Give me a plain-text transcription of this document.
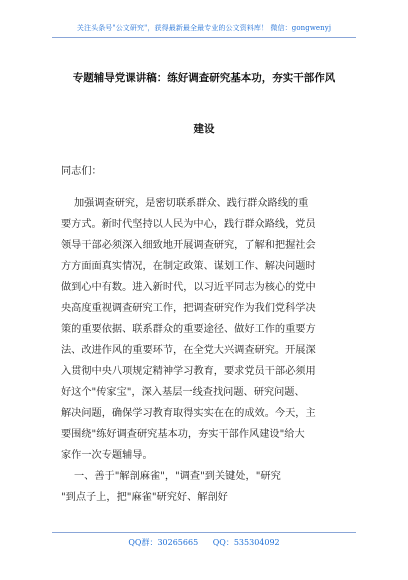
关注头条号"公文研究"，获得最新最全最专业的公文资料库！ 微信：gongwenyj
专题辅导党课讲稿：练好调查研究基本功，夯实干部作风
建设
同志们：
加强调查研究，是密切联系群众、践行群众路线的重
要方式。新时代坚持以人民为中心，践行群众路线，党员
领导干部必须深入细致地开展调查研究，了解和把握社会
方方面面真实情况，在制定政策、谋划工作、解决问题时
做到心中有数。进入新时代，以习近平同志为核心的党中
央高度重视调查研究工作，把调查研究作为我们党科学决
策的重要依据、联系群众的重要途径、做好工作的重要方
法、改进作风的重要环节，在全党大兴调查研究。开展深
入贯彻中央八项规定精神学习教育，要求党员干部必须用
好这个"传家宝"，深入基层一线查找问题、研究问题、
解决问题，确保学习教育取得实实在在的成效。今天，主
要围绕"练好调查研究基本功，夯实干部作风建设"给大
家作一次专题辅导。
一、善于"解剖麻雀"，"调查"到关键处，"研究
"到点子上，把"麻雀"研究好、解剖好
QQ群：30265665 QQ：535304092
